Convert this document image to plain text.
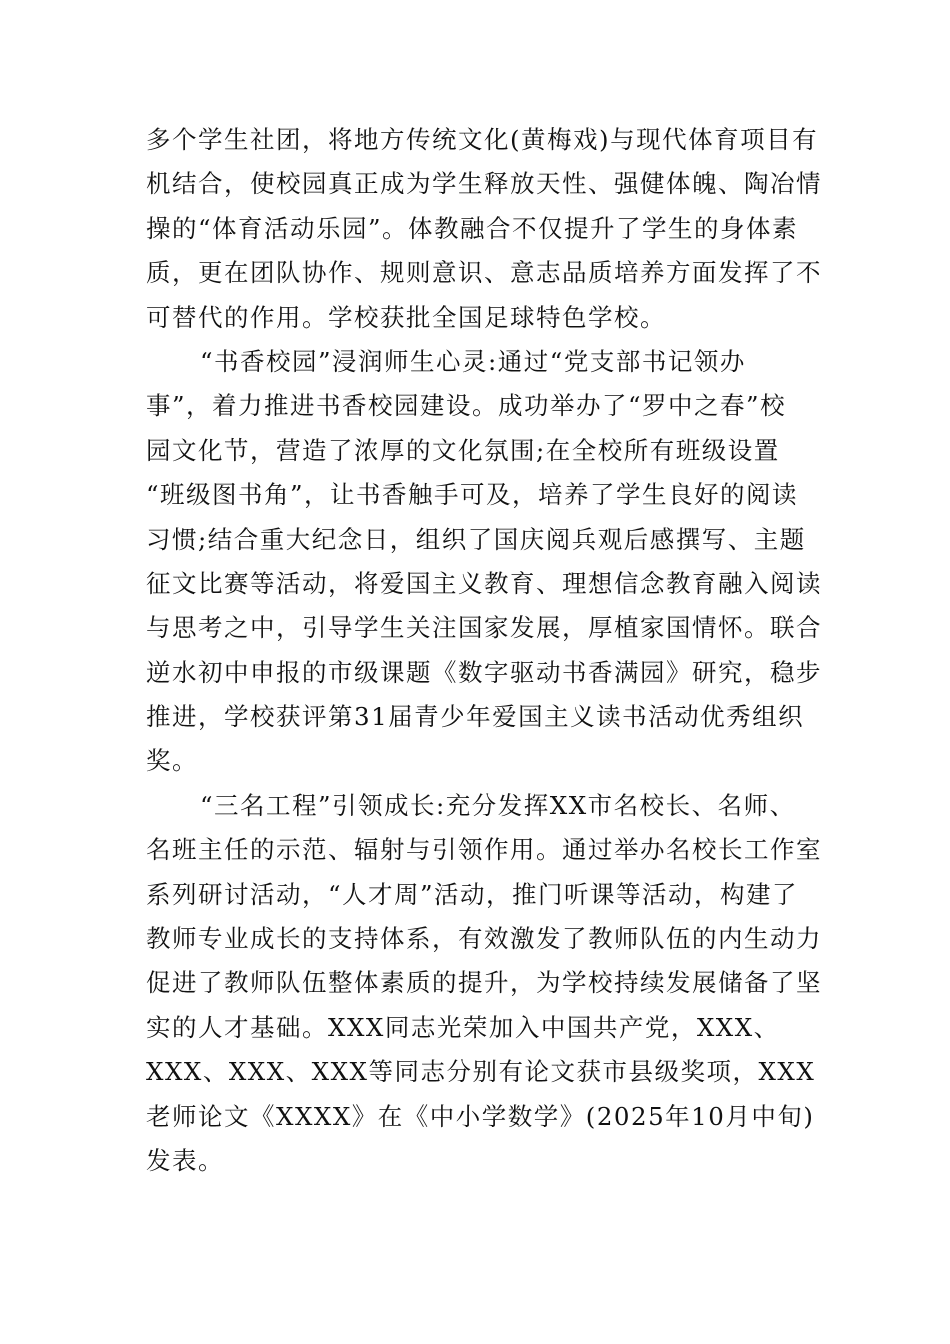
多个学生社团，将地方传统文化(黄梅戏)与现代体育项目有
机结合，使校园真正成为学生释放天性、强健体魄、陶冶情
操的“体育活动乐园”。体教融合不仅提升了学生的身体素
质，更在团队协作、规则意识、意志品质培养方面发挥了不
可替代的作用。学校获批全国足球特色学校。
“书香校园”浸润师生心灵:通过“党支部书记领办
事”，着力推进书香校园建设。成功举办了“罗中之春”校
园文化节，营造了浓厚的文化氛围;在全校所有班级设置
“班级图书角”，让书香触手可及，培养了学生良好的阅读
习惯;结合重大纪念日，组织了国庆阅兵观后感撰写、主题
征文比赛等活动，将爱国主义教育、理想信念教育融入阅读
与思考之中，引导学生关注国家发展，厚植家国情怀。联合
逆水初中申报的市级课题《数字驱动书香满园》研究，稳步
推进，学校获评第31届青少年爱国主义读书活动优秀组织
奖。
“三名工程”引领成长:充分发挥XX市名校长、名师、
名班主任的示范、辐射与引领作用。通过举办名校长工作室
系列研讨活动，“人才周”活动，推门听课等活动，构建了
教师专业成长的支持体系，有效激发了教师队伍的内生动力
促进了教师队伍整体素质的提升，为学校持续发展储备了坚
实的人才基础。XXX同志光荣加入中国共产党，XXX、
XXX、XXX、XXX等同志分别有论文获市县级奖项，XXX
老师论文《XXXX》在《中小学数学》(2025年10月中旬)
发表。
